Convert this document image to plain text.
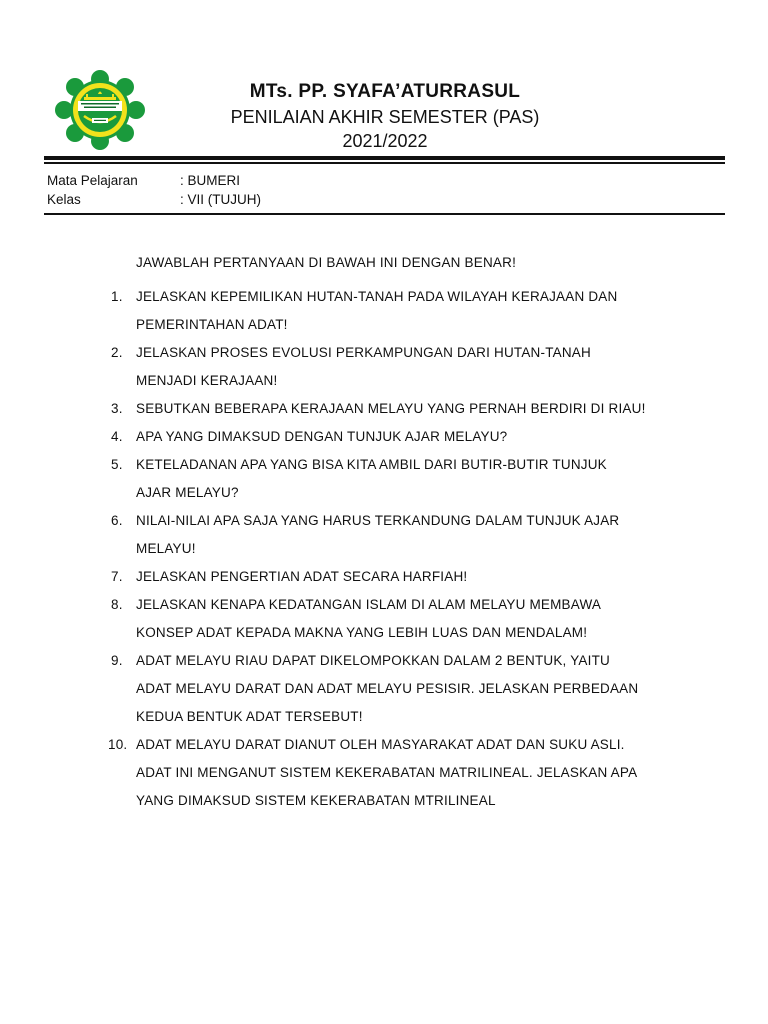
MTs. PP. SYAFA’ATURRASUL
PENILAIAN AKHIR SEMESTER (PAS)
2021/2022
Mata Pelajaran	: BUMERI
Kelas	: VII (TUJUH)
JAWABLAH PERTANYAAN DI BAWAH INI DENGAN BENAR!
1. JELASKAN KEPEMILIKAN HUTAN-TANAH PADA WILAYAH KERAJAAN DAN
PEMERINTAHAN ADAT!
2. JELASKAN PROSES EVOLUSI PERKAMPUNGAN DARI HUTAN-TANAH
MENJADI KERAJAAN!
3. SEBUTKAN BEBERAPA KERAJAAN MELAYU YANG PERNAH BERDIRI DI RIAU!
4. APA YANG DIMAKSUD DENGAN TUNJUK AJAR MELAYU?
5. KETELADANAN APA YANG BISA KITA AMBIL DARI BUTIR-BUTIR TUNJUK
AJAR MELAYU?
6. NILAI-NILAI APA SAJA YANG HARUS TERKANDUNG DALAM TUNJUK AJAR
MELAYU!
7. JELASKAN PENGERTIAN ADAT SECARA HARFIAH!
8. JELASKAN KENAPA KEDATANGAN ISLAM DI ALAM MELAYU MEMBAWA
KONSEP ADAT KEPADA MAKNA YANG LEBIH LUAS DAN MENDALAM!
9. ADAT MELAYU RIAU DAPAT DIKELOMPOKKAN DALAM 2 BENTUK, YAITU
ADAT MELAYU DARAT DAN ADAT MELAYU PESISIR. JELASKAN PERBEDAAN
KEDUA BENTUK ADAT TERSEBUT!
10. ADAT MELAYU DARAT DIANUT OLEH MASYARAKAT ADAT DAN SUKU ASLI.
ADAT INI MENGANUT SISTEM KEKERABATAN MATRILINEAL. JELASKAN APA
YANG DIMAKSUD SISTEM KEKERABATAN MTRILINEAL
